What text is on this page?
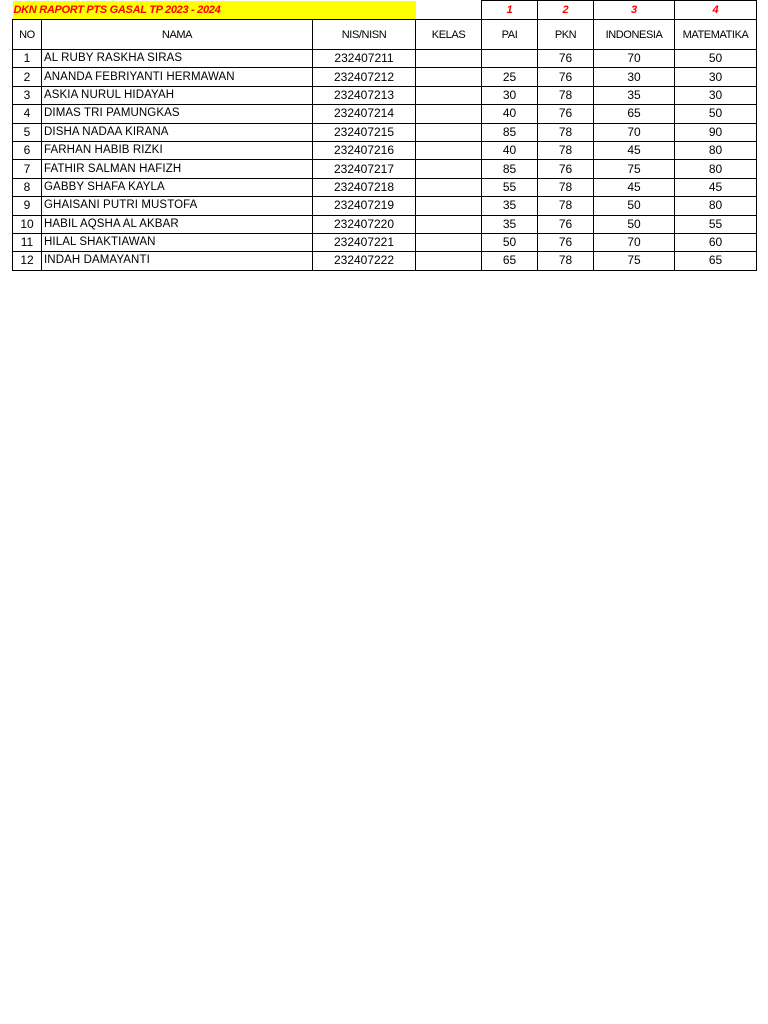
DKN RAPORT PTS GASAL TP 2023 - 2024				1	2	3	4
NO	NAMA	NIS/NISN	KELAS	PAI	PKN	INDONESIA	MATEMATIKA
1	AL RUBY RASKHA SIRAS	232407211			76	70	50
2	ANANDA FEBRIYANTI HERMAWAN	232407212		25	76	30	30
3	ASKIA NURUL HIDAYAH	232407213		30	78	35	30
4	DIMAS TRI PAMUNGKAS	232407214		40	76	65	50
5	DISHA NADAA KIRANA	232407215		85	78	70	90
6	FARHAN HABIB RIZKI	232407216		40	78	45	80
7	FATHIR SALMAN HAFIZH	232407217		85	76	75	80
8	GABBY SHAFA KAYLA	232407218		55	78	45	45
9	GHAISANI PUTRI MUSTOFA	232407219		35	78	50	80
10	HABIL AQSHA AL AKBAR	232407220		35	76	50	55
11	HILAL SHAKTIAWAN	232407221		50	76	70	60
12	INDAH DAMAYANTI	232407222		65	78	75	65
